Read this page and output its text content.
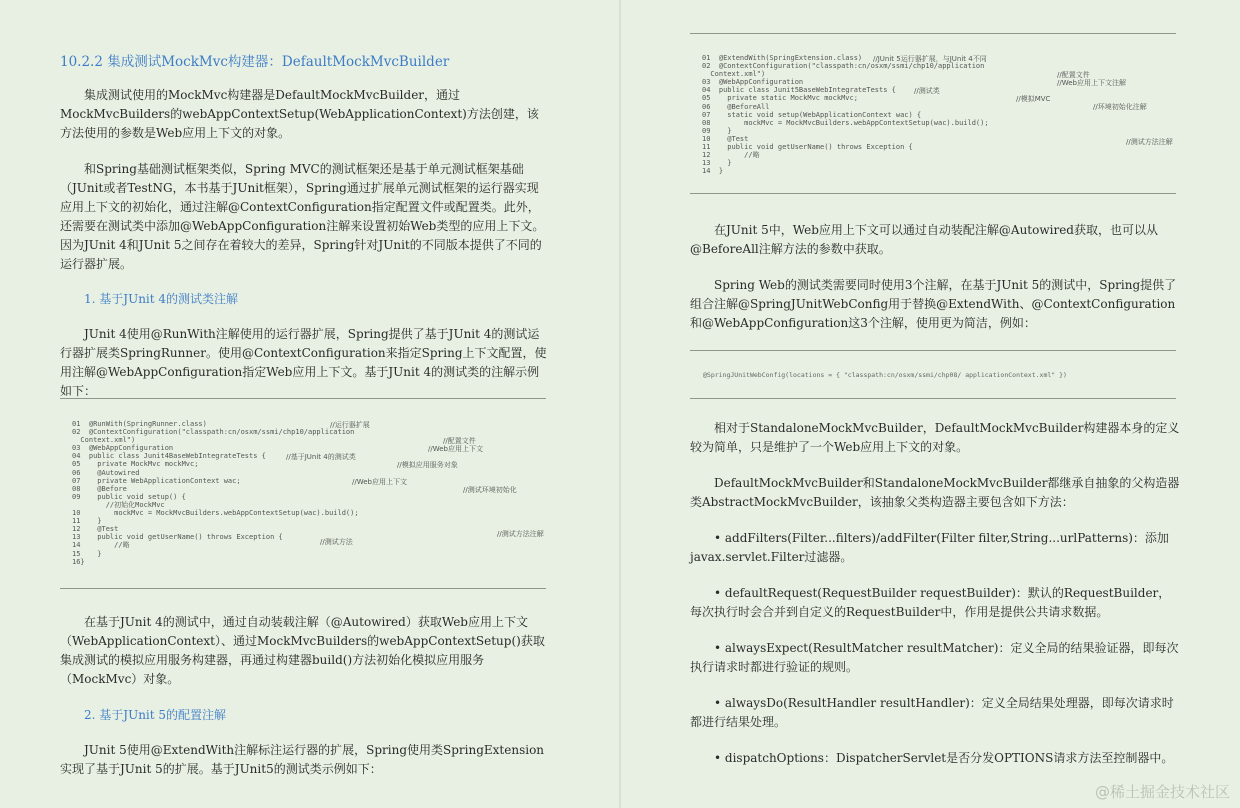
10.2.2 集成测试MockMvc构建器：DefaultMockMvcBuilder

集成测试使用的MockMvc构建器是DefaultMockMvcBuilder，通过MockMvcBuilders的webAppContextSetup(WebApplicationContext)方法创建，该方法使用的参数是Web应用上下文的对象。

和Spring基础测试框架类似，Spring MVC的测试框架还是基于单元测试框架基础（JUnit或者TestNG，本书基于JUnit框架），Spring通过扩展单元测试框架的运行器实现应用上下文的初始化，通过注解@ContextConfiguration指定配置文件或配置类。此外，还需要在测试类中添加@WebAppConfiguration注解来设置初始Web类型的应用上下文。因为JUnit 4和JUnit 5之间存在着较大的差异，Spring针对JUnit的不同版本提供了不同的运行器扩展。

1. 基于JUnit 4的测试类注解

JUnit 4使用@RunWith注解使用的运行器扩展，Spring提供了基于JUnit 4的测试运行器扩展类SpringRunner。使用@ContextConfiguration来指定Spring上下文配置，使用注解@WebAppConfiguration指定Web应用上下文。基于JUnit 4的测试类的注解示例如下：

01  @RunWith(SpringRunner.class)
02  @ContextConfiguration("classpath:cn/osxm/ssmi/chp10/application
Context.xml")
03  @WebAppConfiguration
04  public class Junit4BaseWebIntegrateTests {
05    private MockMvc mockMvc;
06    @Autowired
07    private WebApplicationContext wac;
08    @Before
09    public void setup() {
//初始化MockMvc
10        mockMvc = MockMvcBuilders.webAppContextSetup(wac).build();
11    }
12    @Test
13    public void getUserName() throws Exception {
14        //略
15    }
16}
//运行器扩展
//配置文件
//Web应用上下文
//基于JUnit 4的测试类
//模拟应用服务对象
//Web应用上下文
//测试环境初始化
//测试方法注解
//测试方法

在基于JUnit 4的测试中，通过自动装载注解（@Autowired）获取Web应用上下文（WebApplicationContext）、通过MockMvcBuilders的webAppContextSetup()获取集成测试的模拟应用服务构建器，再通过构建器build()方法初始化模拟应用服务（MockMvc）对象。

2. 基于JUnit 5的配置注解

JUnit 5使用@ExtendWith注解标注运行器的扩展，Spring使用类SpringExtension实现了基于JUnit 5的扩展。基于JUnit5的测试类示例如下：

01  @ExtendWith(SpringExtension.class)
02  @ContextConfiguration("classpath:cn/osxm/ssmi/chp10/application
Context.xml")
03  @WebAppConfiguration
04  public class Junit5BaseWebIntegrateTests {
05    private static MockMvc mockMvc;
06    @BeforeAll
07    static void setup(WebApplicationContext wac) {
08        mockMvc = MockMvcBuilders.webAppContextSetup(wac).build();
09    }
10    @Test
11    public void getUserName() throws Exception {
12        //略
13    }
14  }
//JUnit 5运行器扩展，与JUnit 4不同
//配置文件
//Web应用上下文注解
//测试类
//模拟MVC
//环境初始化注解
//测试方法注解

在JUnit 5中，Web应用上下文可以通过自动装配注解@Autowired获取，也可以从@BeforeAll注解方法的参数中获取。

Spring Web的测试类需要同时使用3个注解，在基于JUnit 5的测试中，Spring提供了组合注解@SpringJUnitWebConfig用于替换@ExtendWith、@ContextConfiguration和@WebAppConfiguration这3个注解，使用更为简洁，例如：

@SpringJUnitWebConfig(locations = { "classpath:cn/osxm/ssmi/chp08/ applicationContext.xml" })

相对于StandaloneMockMvcBuilder，DefaultMockMvcBuilder构建器本身的定义较为简单，只是维护了一个Web应用上下文的对象。

DefaultMockMvcBuilder和StandaloneMockMvcBuilder都继承自抽象的父构造器类AbstractMockMvcBuilder，该抽象父类构造器主要包含如下方法：

• addFilters(Filter...filters)/addFilter(Filter filter,String...urlPatterns)：添加javax.servlet.Filter过滤器。

• defaultRequest(RequestBuilder requestBuilder)：默认的RequestBuilder，每次执行时会合并到自定义的RequestBuilder中，作用是提供公共请求数据。

• alwaysExpect(ResultMatcher resultMatcher)：定义全局的结果验证器，即每次执行请求时都进行验证的规则。

• alwaysDo(ResultHandler resultHandler)：定义全局结果处理器，即每次请求时都进行结果处理。

• dispatchOptions：DispatcherServlet是否分发OPTIONS请求方法至控制器中。

@稀土掘金技术社区
